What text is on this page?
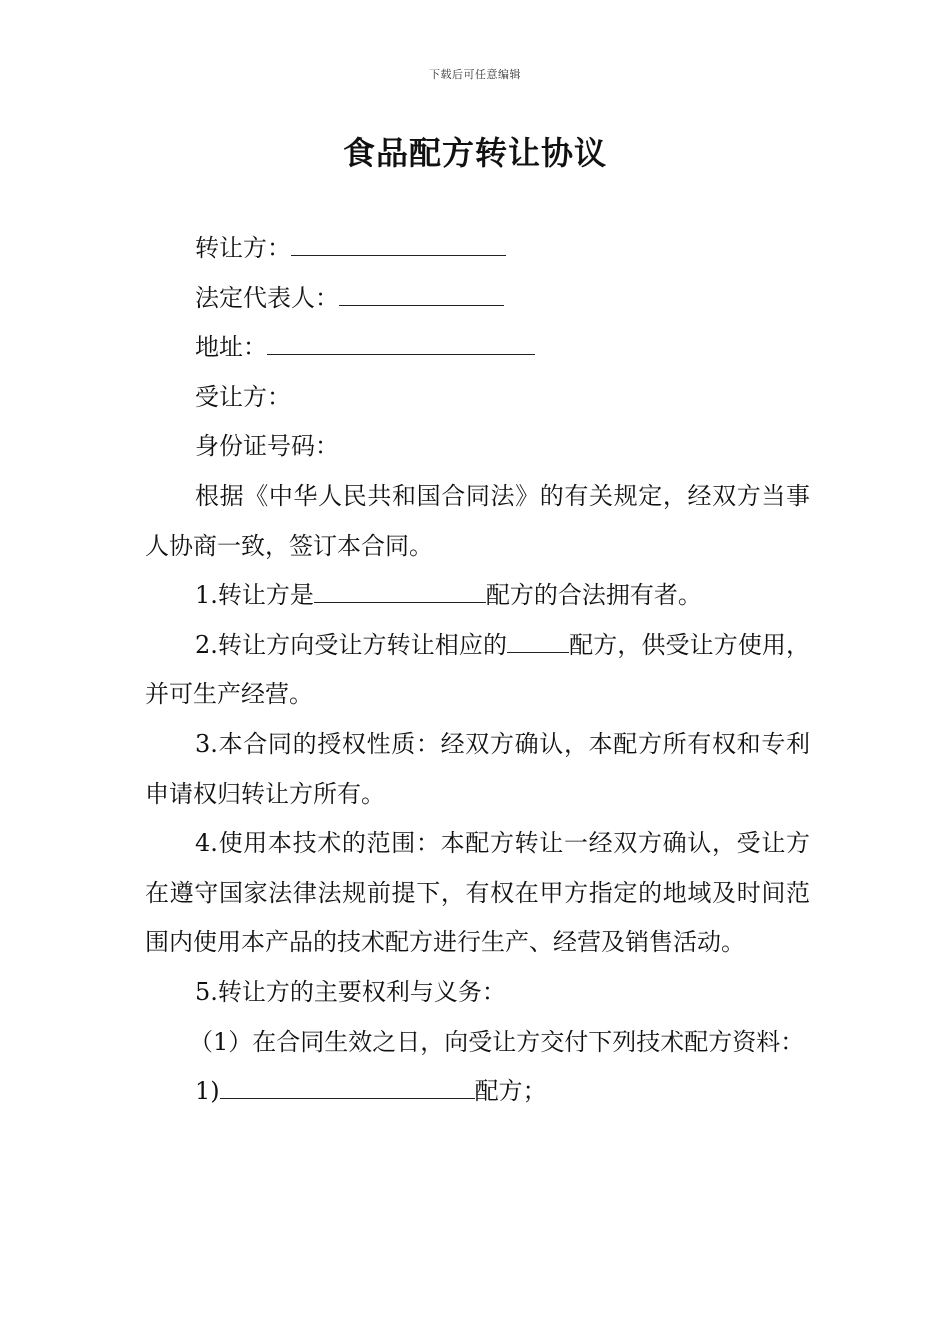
下载后可任意编辑
食品配方转让协议

转让方：

法定代表人：

地址：

受让方：

身份证号码：

根据《中华人民共和国合同法》的有关规定，经双方当事人协商一致，签订本合同。

1.转让方是	配方的合法拥有者。

2.转让方向受让方转让相应的	配方，供受让方使用，并可生产经营。

3.本合同的授权性质：经双方确认，本配方所有权和专利申请权归转让方所有。

4.使用本技术的范围：本配方转让一经双方确认，受让方在遵守国家法律法规前提下，有权在甲方指定的地域及时间范围内使用本产品的技术配方进行生产、经营及销售活动。

5.转让方的主要权利与义务：

（1）在合同生效之日，向受让方交付下列技术配方资料：

1)	配方；
